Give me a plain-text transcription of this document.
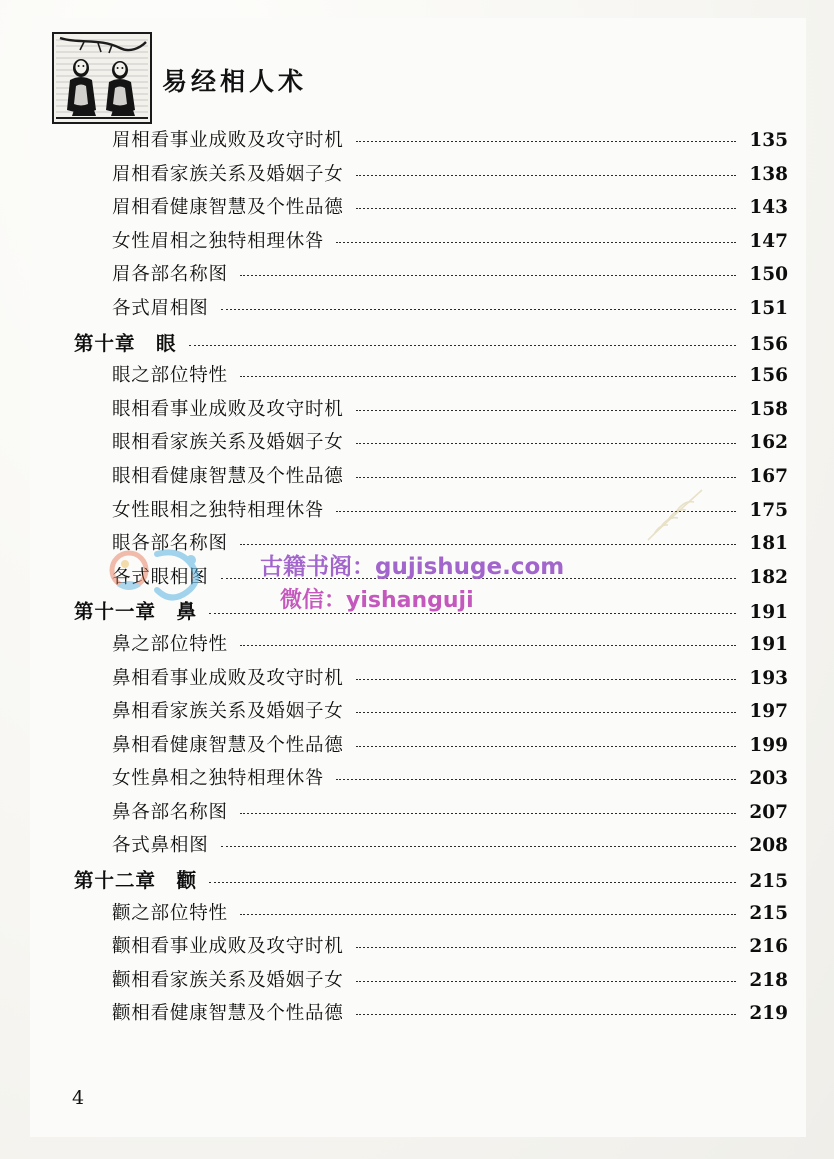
易经相人术
眉相看事业成败及攻守时机	135
眉相看家族关系及婚姻子女	138
眉相看健康智慧及个性品德	143
女性眉相之独特相理休咎	147
眉各部名称图	150
各式眉相图	151
第十章　眼	156
眼之部位特性	156
眼相看事业成败及攻守时机	158
眼相看家族关系及婚姻子女	162
眼相看健康智慧及个性品德	167
女性眼相之独特相理休咎	175
眼各部名称图	181
各式眼相图	182
第十一章　鼻	191
鼻之部位特性	191
鼻相看事业成败及攻守时机	193
鼻相看家族关系及婚姻子女	197
鼻相看健康智慧及个性品德	199
女性鼻相之独特相理休咎	203
鼻各部名称图	207
各式鼻相图	208
第十二章　颧	215
颧之部位特性	215
颧相看事业成败及攻守时机	216
颧相看家族关系及婚姻子女	218
颧相看健康智慧及个性品德	219
4
古籍书阁：gujishuge.com
微信：yishanguji
